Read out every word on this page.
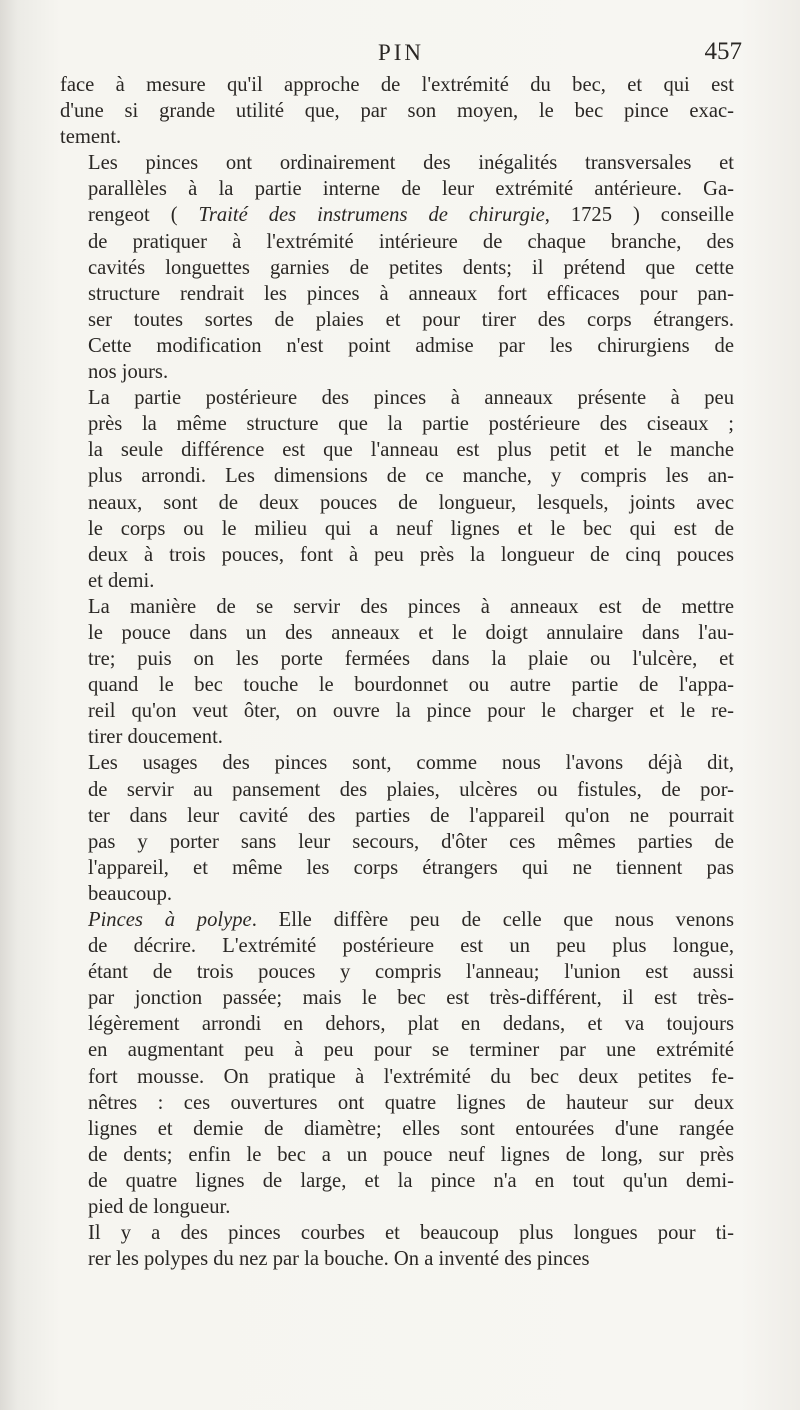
PIN	457
face à mesure qu'il approche de l'extrémité du bec, et qui est
d'une si grande utilité que, par son moyen, le bec pince exac-
tement.
Les pinces ont ordinairement des inégalités transversales et
parallèles à la partie interne de leur extrémité antérieure. Ga-
rengeot ( Traité des instrumens de chirurgie, 1725 ) conseille
de pratiquer à l'extrémité intérieure de chaque branche, des
cavités longuettes garnies de petites dents; il prétend que cette
structure rendrait les pinces à anneaux fort efficaces pour pan-
ser toutes sortes de plaies et pour tirer des corps étrangers.
Cette modification n'est point admise par les chirurgiens de
nos jours.
La partie postérieure des pinces à anneaux présente à peu
près la même structure que la partie postérieure des ciseaux ;
la seule différence est que l'anneau est plus petit et le manche
plus arrondi. Les dimensions de ce manche, y compris les an-
neaux, sont de deux pouces de longueur, lesquels, joints avec
le corps ou le milieu qui a neuf lignes et le bec qui est de
deux à trois pouces, font à peu près la longueur de cinq pouces
et demi.
La manière de se servir des pinces à anneaux est de mettre
le pouce dans un des anneaux et le doigt annulaire dans l'au-
tre; puis on les porte fermées dans la plaie ou l'ulcère, et
quand le bec touche le bourdonnet ou autre partie de l'appa-
reil qu'on veut ôter, on ouvre la pince pour le charger et le re-
tirer doucement.
Les usages des pinces sont, comme nous l'avons déjà dit,
de servir au pansement des plaies, ulcères ou fistules, de por-
ter dans leur cavité des parties de l'appareil qu'on ne pourrait
pas y porter sans leur secours, d'ôter ces mêmes parties de
l'appareil, et même les corps étrangers qui ne tiennent pas
beaucoup.
Pinces à polype. Elle diffère peu de celle que nous venons
de décrire. L'extrémité postérieure est un peu plus longue,
étant de trois pouces y compris l'anneau; l'union est aussi
par jonction passée; mais le bec est très-différent, il est très-
légèrement arrondi en dehors, plat en dedans, et va toujours
en augmentant peu à peu pour se terminer par une extrémité
fort mousse. On pratique à l'extrémité du bec deux petites fe-
nêtres : ces ouvertures ont quatre lignes de hauteur sur deux
lignes et demie de diamètre; elles sont entourées d'une rangée
de dents; enfin le bec a un pouce neuf lignes de long, sur près
de quatre lignes de large, et la pince n'a en tout qu'un demi-
pied de longueur.
Il y a des pinces courbes et beaucoup plus longues pour ti-
rer les polypes du nez par la bouche. On a inventé des pinces
